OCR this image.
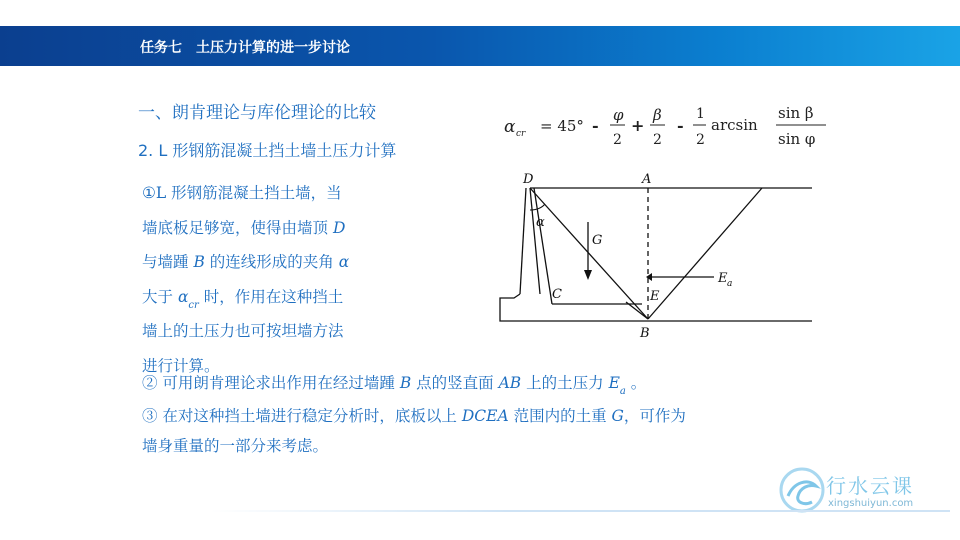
任务七　土压力计算的进一步讨论
一、朗肯理论与库伦理论的比较
2. L 形钢筋混凝土挡土墙土压力计算
α cr = 45° -
φ
2
+
β
2
-
1
2
arcsin
sin β
sin φ
①L 形钢筋混凝土挡土墙，当
墙底板足够宽，使得由墙顶 D
与墙踵 B 的连线形成的夹角 α
大于 $\alpha_{cr}$ 时，作用在这种挡土
墙上的土压力也可按坦墙方法
进行计算。
② 可用朗肯理论求出作用在经过墙踵 B 点的竖直面 AB 上的土压力 $E_a$ 。
③ 在对这种挡土墙进行稳定分析时，底板以上 DCEA 范围内的土重 G，可作为
墙身重量的一部分来考虑。
D	A
α
G
C	E
B
E a
行水云课
xingshuiyun.com
